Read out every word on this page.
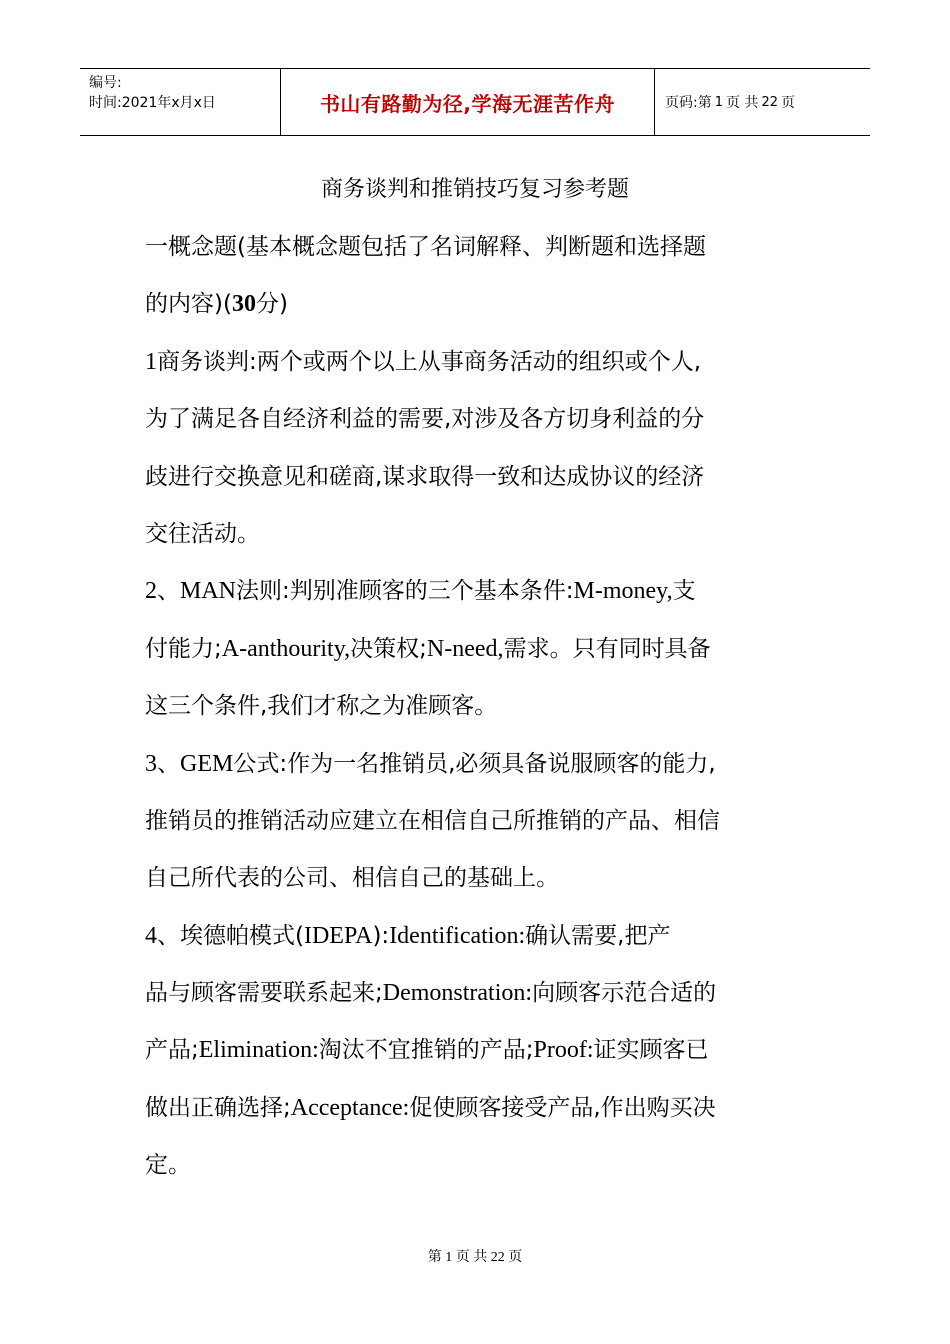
编号:
时间:2021年x月x日	书山有路勤为径,学海无涯苦作舟	页码:第 1 页 共 22 页
商务谈判和推销技巧复习参考题
一概念题(基本概念题包括了名词解释、判断题和选择题
的内容)(30分)
1商务谈判:两个或两个以上从事商务活动的组织或个人,
为了满足各自经济利益的需要,对涉及各方切身利益的分
歧进行交换意见和磋商,谋求取得一致和达成协议的经济
交往活动。
2、MAN法则:判别准顾客的三个基本条件:M-money,支
付能力;A-anthourity,决策权;N-need,需求。只有同时具备
这三个条件,我们才称之为准顾客。
3、GEM公式:作为一名推销员,必须具备说服顾客的能力,
推销员的推销活动应建立在相信自己所推销的产品、相信
自己所代表的公司、相信自己的基础上。
4、埃德帕模式(IDEPA):Identification:确认需要,把产
品与顾客需要联系起来;Demonstration:向顾客示范合适的
产品;Elimination:淘汰不宜推销的产品;Proof:证实顾客已
做出正确选择;Acceptance:促使顾客接受产品,作出购买决
定。
第 1 页 共 22 页
